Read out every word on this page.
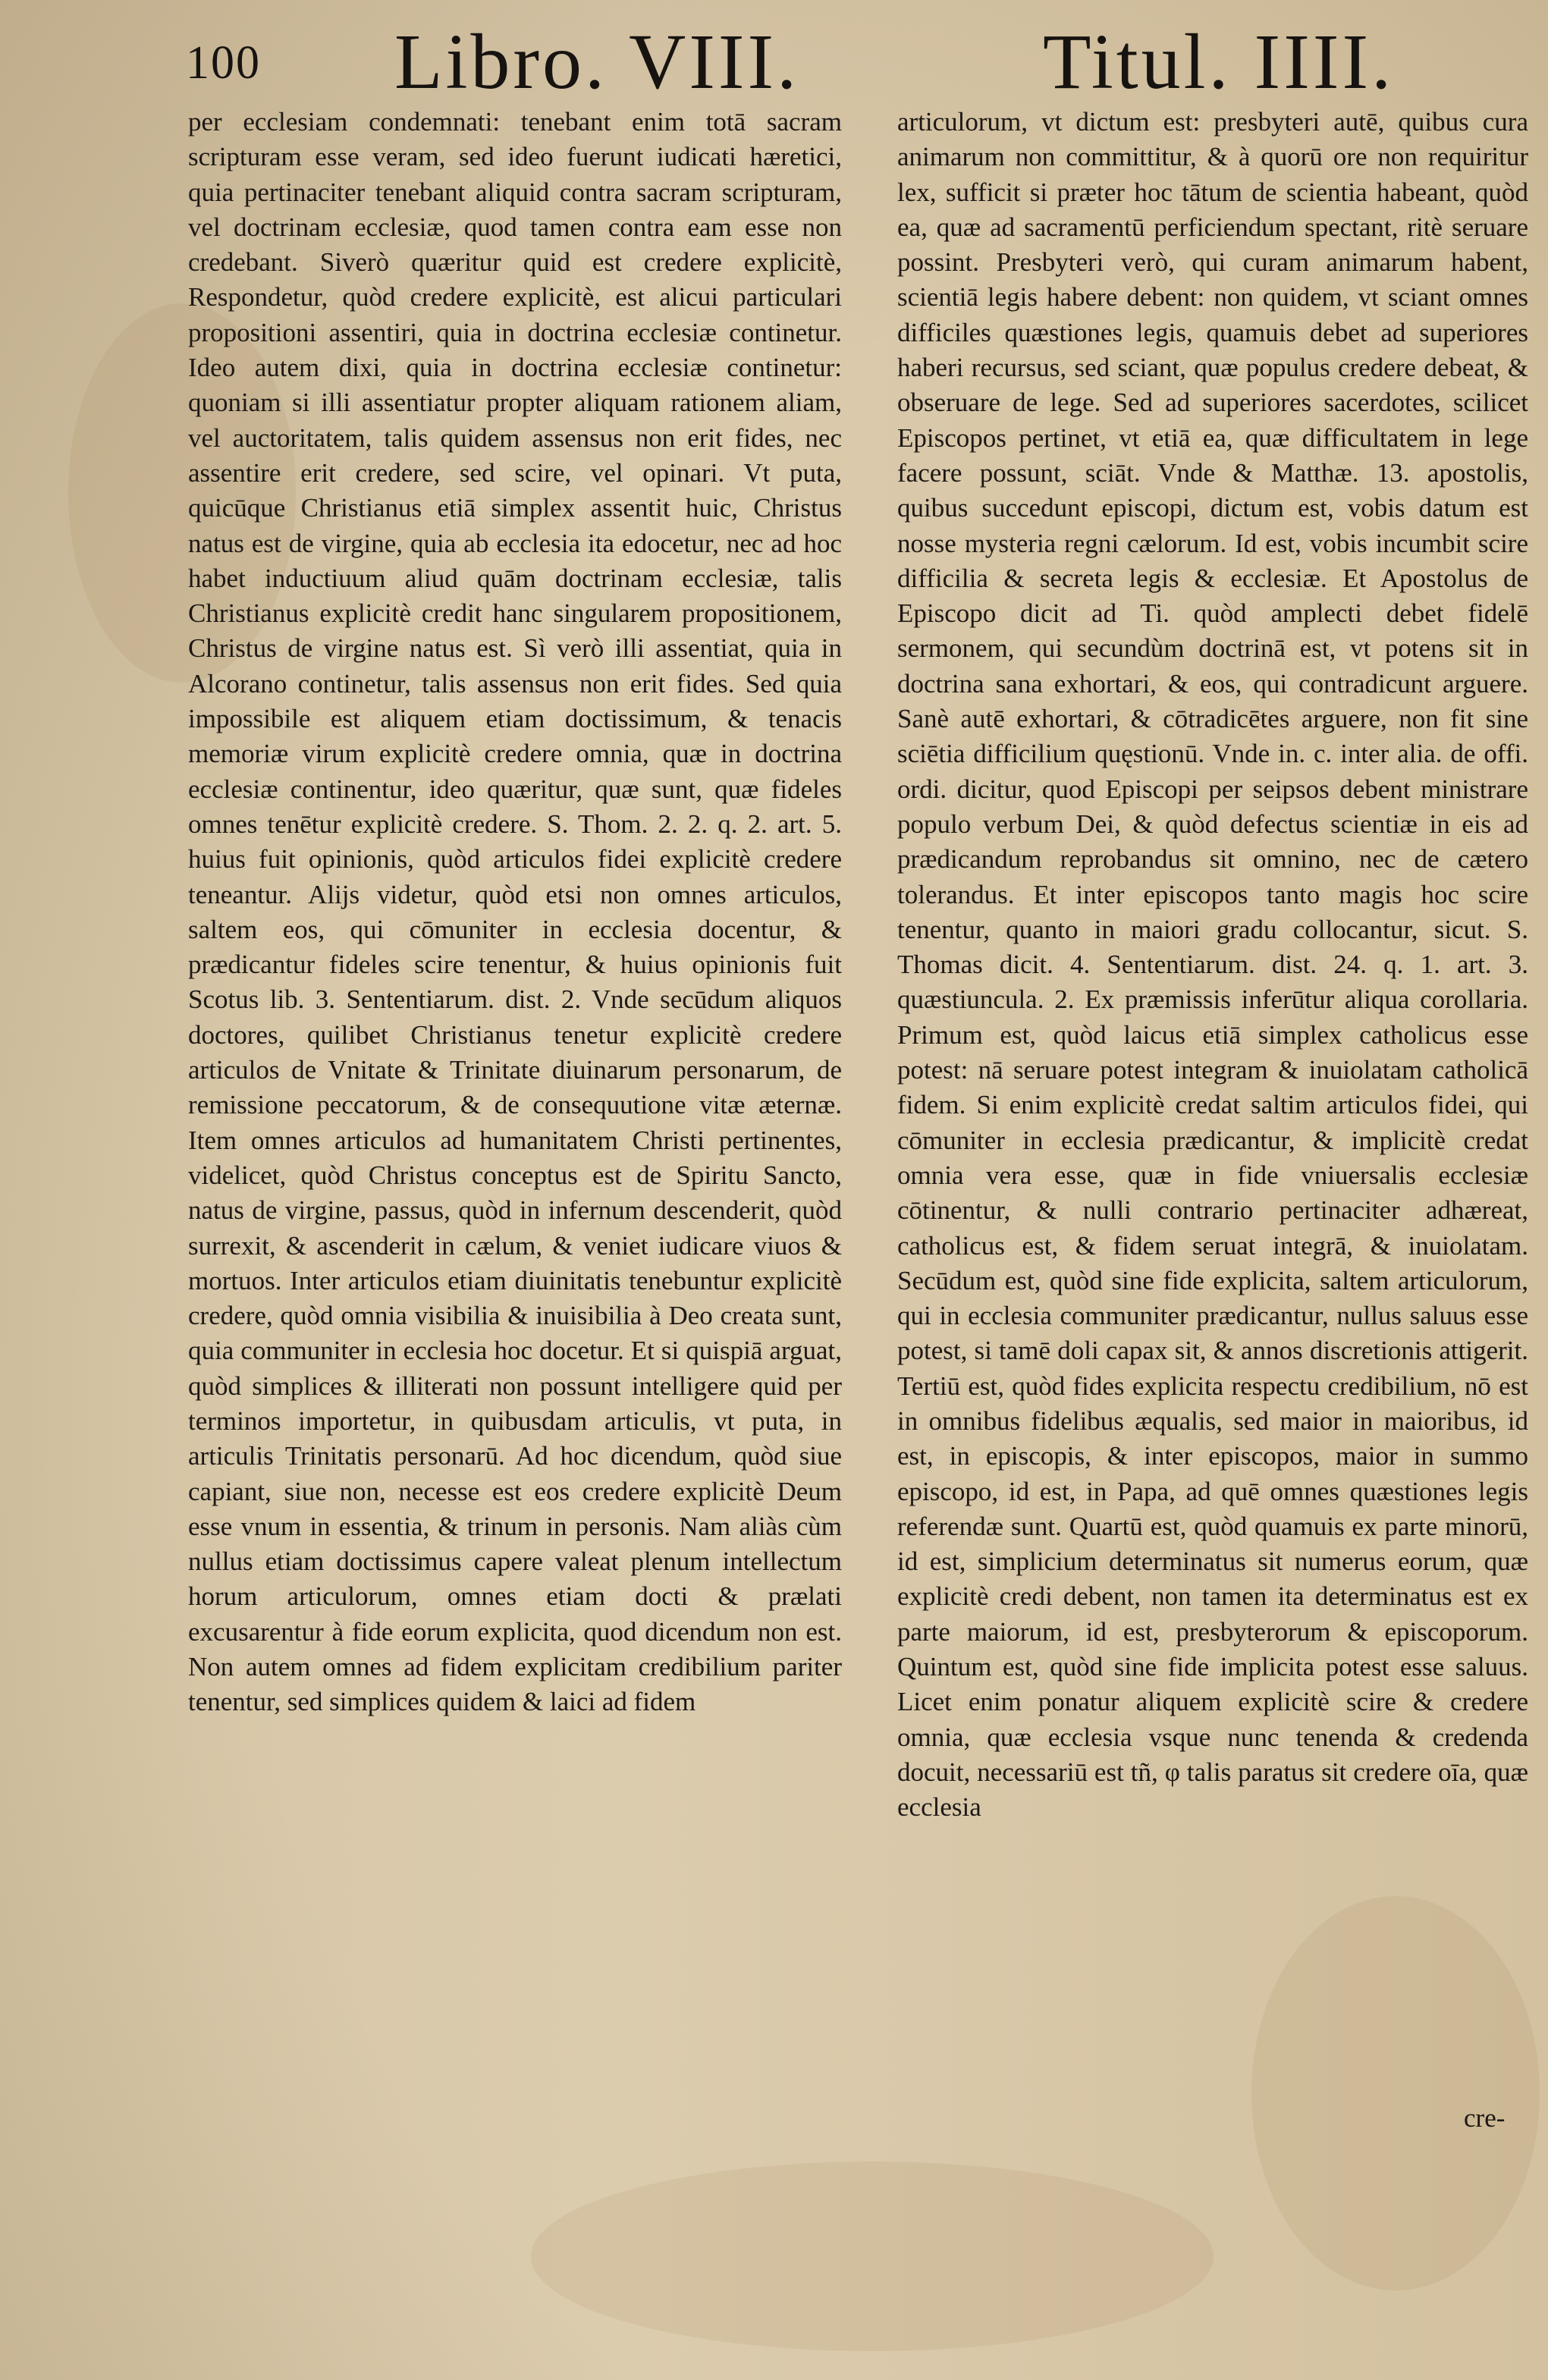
100 Libro. VIII.	Titul. IIII.

per ecclesiam condemnati: tenebant enim totā sacram scripturam esse veram, sed ideo fuerunt iudicati hæretici, quia pertinaciter tenebant aliquid contra sacram scripturam, vel doctrinam ecclesiæ, quod tamen contra eam esse non credebant. Siverò quæritur quid est credere explicitè, Respondetur, quòd credere explicitè, est alicui particulari propositioni assentiri, quia in doctrina ecclesiæ continetur. Ideo autem dixi, quia in doctrina ecclesiæ continetur: quoniam si illi assentiatur propter aliquam rationem aliam, vel auctoritatem, talis quidem assensus non erit fides, nec assentire erit credere, sed scire, vel opinari. Vt puta, quicūque Christianus etiā simplex assentit huic, Christus natus est de virgine, quia ab ecclesia ita edocetur, nec ad hoc habet inductiuum aliud quām doctrinam ecclesiæ, talis Christianus explicitè credit hanc singularem propositionem, Christus de virgine natus est. Sì verò illi assentiat, quia in Alcorano continetur, talis assensus non erit fides. Sed quia impossibile est aliquem etiam doctissimum, & tenacis memoriæ virum explicitè credere omnia, quæ in doctrina ecclesiæ continentur, ideo quæritur, quæ sunt, quæ fideles omnes tenētur explicitè credere. S. Thom. 2. 2. q. 2. art. 5. huius fuit opinionis, quòd articulos fidei explicitè credere teneantur. Alijs videtur, quòd etsi non omnes articulos, saltem eos, qui cōmuniter in ecclesia docentur, & prædicantur fideles scire tenentur, & huius opinionis fuit Scotus lib. 3. Sententiarum. dist. 2. Vnde secūdum aliquos doctores, quilibet Christianus tenetur explicitè credere articulos de Vnitate & Trinitate diuinarum personarum, de remissione peccatorum, & de consequutione vitæ æternæ. Item omnes articulos ad humanitatem Christi pertinentes, videlicet, quòd Christus conceptus est de Spiritu Sancto, natus de virgine, passus, quòd in infernum descenderit, quòd surrexit, & ascenderit in cælum, & veniet iudicare viuos & mortuos. Inter articulos etiam diuinitatis tenebuntur explicitè credere, quòd omnia visibilia & inuisibilia à Deo creata sunt, quia communiter in ecclesia hoc docetur. Et si quispiā arguat, quòd simplices & illiterati non possunt intelligere quid per terminos importetur, in quibusdam articulis, vt puta, in articulis Trinitatis personarū. Ad hoc dicendum, quòd siue capiant, siue non, necesse est eos credere explicitè Deum esse vnum in essentia, & trinum in personis. Nam aliàs cùm nullus etiam doctissimus capere valeat plenum intellectum horum articulorum, omnes etiam docti & prælati excusarentur à fide eorum explicita, quod dicendum non est. Non autem omnes ad fidem explicitam credibilium pariter tenentur, sed simplices quidem & laici ad fidem

articulorum, vt dictum est: presbyteri autē, quibus cura animarum non committitur, & à quorū ore non requiritur lex, sufficit si præter hoc tātum de scientia habeant, quòd ea, quæ ad sacramentū perficiendum spectant, ritè seruare possint. Presbyteri verò, qui curam animarum habent, scientiā legis habere debent: non quidem, vt sciant omnes difficiles quæstiones legis, quamuis debet ad superiores haberi recursus, sed sciant, quæ populus credere debeat, & obseruare de lege. Sed ad superiores sacerdotes, scilicet Episcopos pertinet, vt etiā ea, quæ difficultatem in lege facere possunt, sciāt. Vnde & Matthæ. 13. apostolis, quibus succedunt episcopi, dictum est, vobis datum est nosse mysteria regni cælorum. Id est, vobis incumbit scire difficilia & secreta legis & ecclesiæ. Et Apostolus de Episcopo dicit ad Ti. quòd amplecti debet fidelē sermonem, qui secundùm doctrinā est, vt potens sit in doctrina sana exhortari, & eos, qui contradicunt arguere. Sanè autē exhortari, & cōtradicētes arguere, non fit sine sciētia difficilium quęstionū. Vnde in. c. inter alia. de offi. ordi. dicitur, quod Episcopi per seipsos debent ministrare populo verbum Dei, & quòd defectus scientiæ in eis ad prædicandum reprobandus sit omnino, nec de cætero tolerandus. Et inter episcopos tanto magis hoc scire tenentur, quanto in maiori gradu collocantur, sicut. S. Thomas dicit. 4. Sententiarum. dist. 24. q. 1. art. 3. quæstiuncula. 2. Ex præmissis inferūtur aliqua corollaria. Primum est, quòd laicus etiā simplex catholicus esse potest: nā seruare potest integram & inuiolatam catholicā fidem. Si enim explicitè credat saltim articulos fidei, qui cōmuniter in ecclesia prædicantur, & implicitè credat omnia vera esse, quæ in fide vniuersalis ecclesiæ cōtinentur, & nulli contrario pertinaciter adhæreat, catholicus est, & fidem seruat integrā, & inuiolatam. Secūdum est, quòd sine fide explicita, saltem articulorum, qui in ecclesia communiter prædicantur, nullus saluus esse potest, si tamē doli capax sit, & annos discretionis attigerit. Tertiū est, quòd fides explicita respectu credibilium, nō est in omnibus fidelibus æqualis, sed maior in maioribus, id est, in episcopis, & inter episcopos, maior in summo episcopo, id est, in Papa, ad quē omnes quæstiones legis referendæ sunt. Quartū est, quòd quamuis ex parte minorū, id est, simplicium determinatus sit numerus eorum, quæ explicitè credi debent, non tamen ita determinatus est ex parte maiorum, id est, presbyterorum & episcoporum. Quintum est, quòd sine fide implicita potest esse saluus. Licet enim ponatur aliquem explicitè scire & credere omnia, quæ ecclesia vsque nunc tenenda & credenda docuit, necessariū est tñ, φ talis paratus sit credere oīa, quæ ecclesia

cre-
